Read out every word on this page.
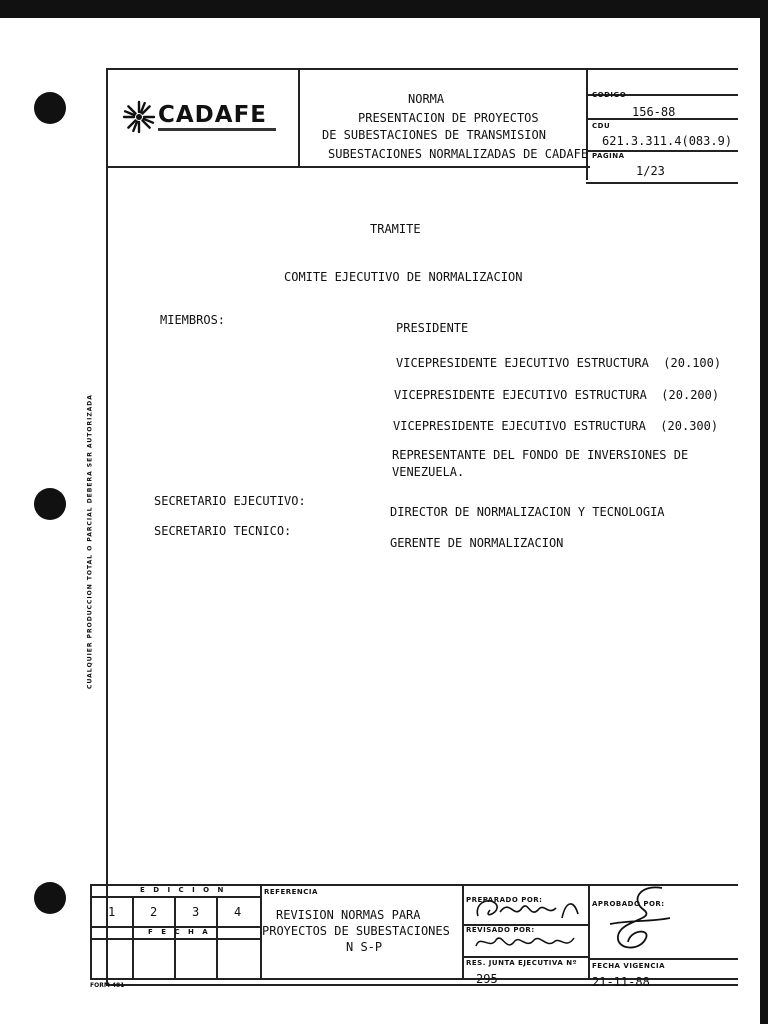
CUALQUIER PRODUCCION TOTAL O PARCIAL DEBERA SER AUTORIZADA
CADAFE
NORMA
PRESENTACION DE PROYECTOS
DE SUBESTACIONES DE TRANSMISION
SUBESTACIONES NORMALIZADAS DE CADAFE
CODIGO
156-88
CDU
621.3.311.4(083.9)
PAGINA
1/23
TRAMITE
COMITE EJECUTIVO DE NORMALIZACION
MIEMBROS:
PRESIDENTE
VICEPRESIDENTE EJECUTIVO ESTRUCTURA  (20.100)
VICEPRESIDENTE EJECUTIVO ESTRUCTURA  (20.200)
VICEPRESIDENTE EJECUTIVO ESTRUCTURA  (20.300)
REPRESENTANTE DEL FONDO DE INVERSIONES DE
VENEZUELA.
SECRETARIO EJECUTIVO:
DIRECTOR DE NORMALIZACION Y TECNOLOGIA
SECRETARIO TECNICO:
GERENTE DE NORMALIZACION
E D I C I O N
1	2	3	4
F E C H A
REFERENCIA
REVISION NORMAS PARA
PROYECTOS DE SUBESTACIONES
N S-P
PREPARADO POR:
REVISADO POR:
RES. JUNTA EJECUTIVA Nº
295
APROBADO POR:
FECHA VIGENCIA
21-11-88
FORM 481
